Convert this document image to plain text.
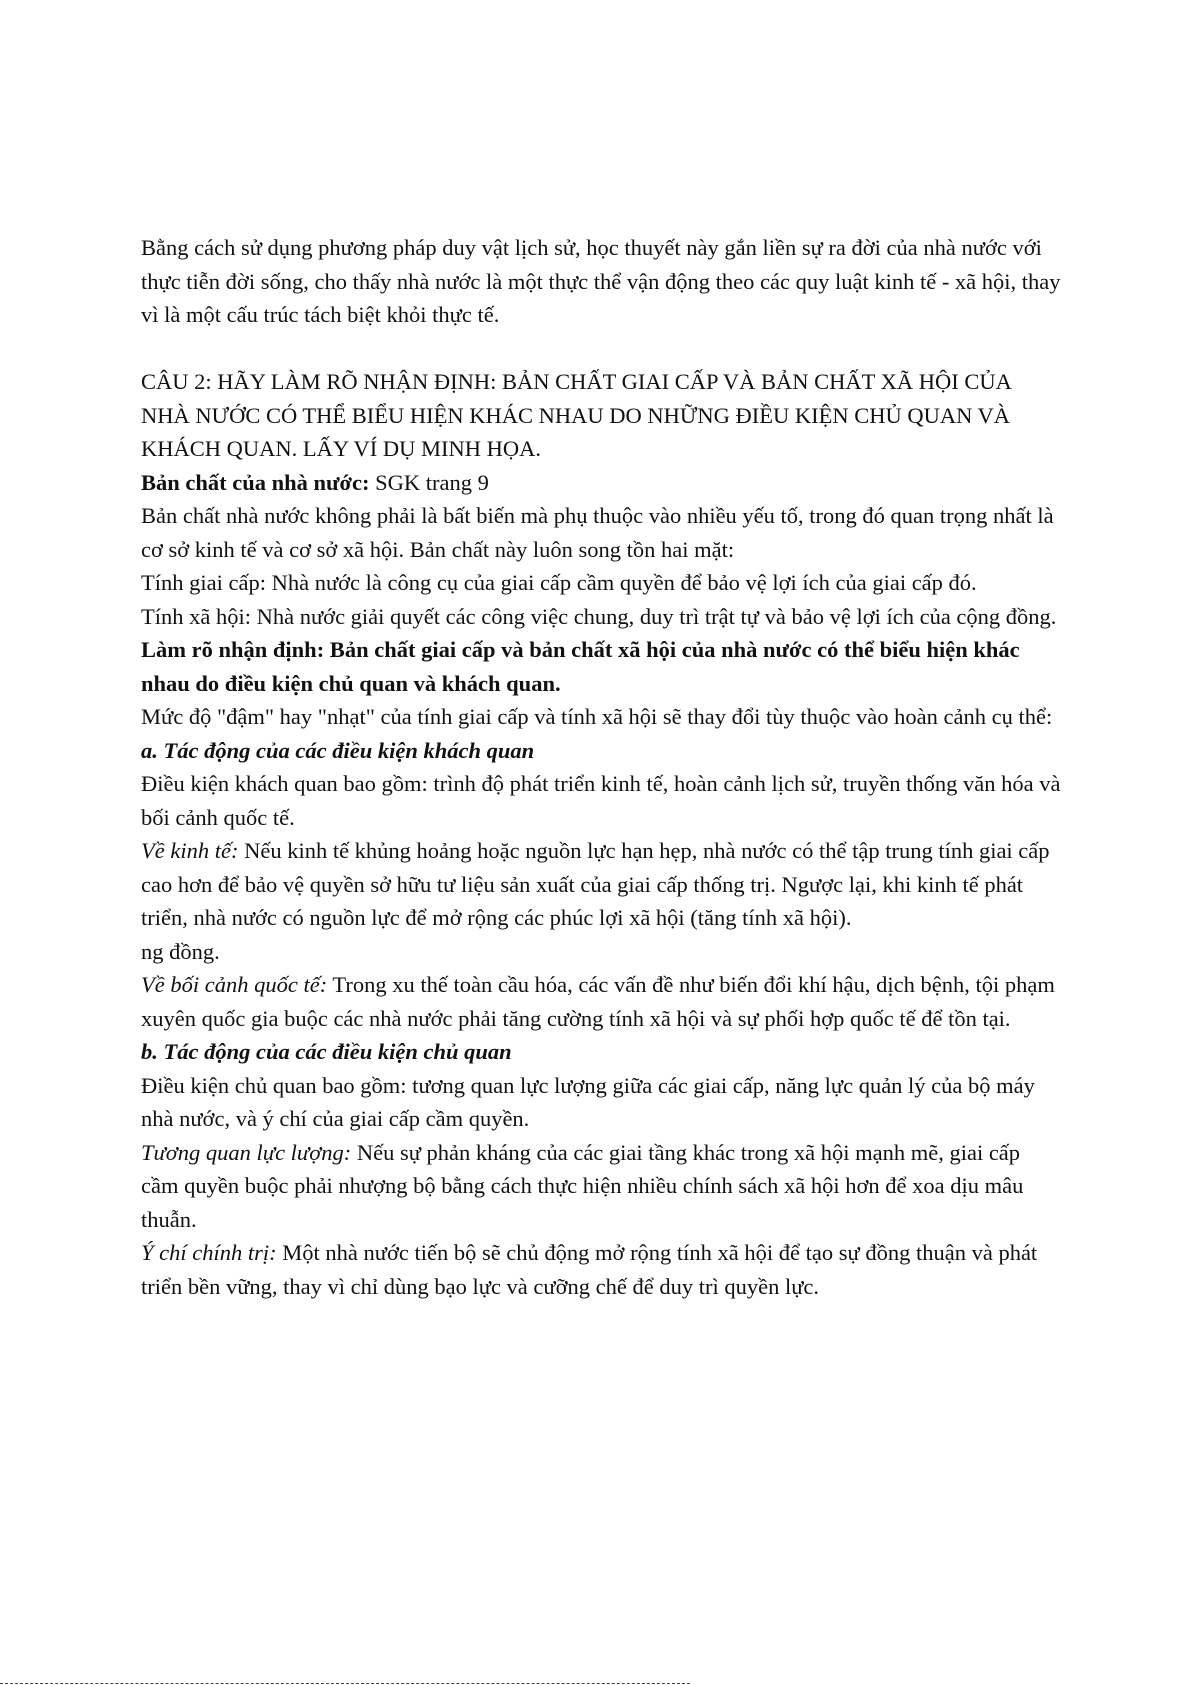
Bằng cách sử dụng phương pháp duy vật lịch sử, học thuyết này gắn liền sự ra đời của nhà nước với thực tiễn đời sống, cho thấy nhà nước là một thực thể vận động theo các quy luật kinh tế - xã hội, thay vì là một cấu trúc tách biệt khỏi thực tế.

CÂU 2: HÃY LÀM RÕ NHẬN ĐỊNH: BẢN CHẤT GIAI CẤP VÀ BẢN CHẤT XÃ HỘI CỦA NHÀ NƯỚC CÓ THỂ BIỂU HIỆN KHÁC NHAU DO NHỮNG ĐIỀU KIỆN CHỦ QUAN VÀ KHÁCH QUAN. LẤY VÍ DỤ MINH HỌA.

Bản chất của nhà nước: SGK trang 9

Bản chất nhà nước không phải là bất biến mà phụ thuộc vào nhiều yếu tố, trong đó quan trọng nhất là cơ sở kinh tế và cơ sở xã hội. Bản chất này luôn song tồn hai mặt:

Tính giai cấp: Nhà nước là công cụ của giai cấp cầm quyền để bảo vệ lợi ích của giai cấp đó.

Tính xã hội: Nhà nước giải quyết các công việc chung, duy trì trật tự và bảo vệ lợi ích của cộng đồng.

Làm rõ nhận định: Bản chất giai cấp và bản chất xã hội của nhà nước có thể biểu hiện khác nhau do điều kiện chủ quan và khách quan.

Mức độ "đậm" hay "nhạt" của tính giai cấp và tính xã hội sẽ thay đổi tùy thuộc vào hoàn cảnh cụ thể:

a. Tác động của các điều kiện khách quan

Điều kiện khách quan bao gồm: trình độ phát triển kinh tế, hoàn cảnh lịch sử, truyền thống văn hóa và bối cảnh quốc tế.

Về kinh tế: Nếu kinh tế khủng hoảng hoặc nguồn lực hạn hẹp, nhà nước có thể tập trung tính giai cấp cao hơn để bảo vệ quyền sở hữu tư liệu sản xuất của giai cấp thống trị. Ngược lại, khi kinh tế phát triển, nhà nước có nguồn lực để mở rộng các phúc lợi xã hội (tăng tính xã hội).

ng đồng.

Về bối cảnh quốc tế: Trong xu thế toàn cầu hóa, các vấn đề như biến đổi khí hậu, dịch bệnh, tội phạm xuyên quốc gia buộc các nhà nước phải tăng cường tính xã hội và sự phối hợp quốc tế để tồn tại.

b. Tác động của các điều kiện chủ quan

Điều kiện chủ quan bao gồm: tương quan lực lượng giữa các giai cấp, năng lực quản lý của bộ máy nhà nước, và ý chí của giai cấp cầm quyền.

Tương quan lực lượng: Nếu sự phản kháng của các giai tầng khác trong xã hội mạnh mẽ, giai cấp cầm quyền buộc phải nhượng bộ bằng cách thực hiện nhiều chính sách xã hội hơn để xoa dịu mâu thuẫn.

Ý chí chính trị: Một nhà nước tiến bộ sẽ chủ động mở rộng tính xã hội để tạo sự đồng thuận và phát triển bền vững, thay vì chỉ dùng bạo lực và cưỡng chế để duy trì quyền lực.
